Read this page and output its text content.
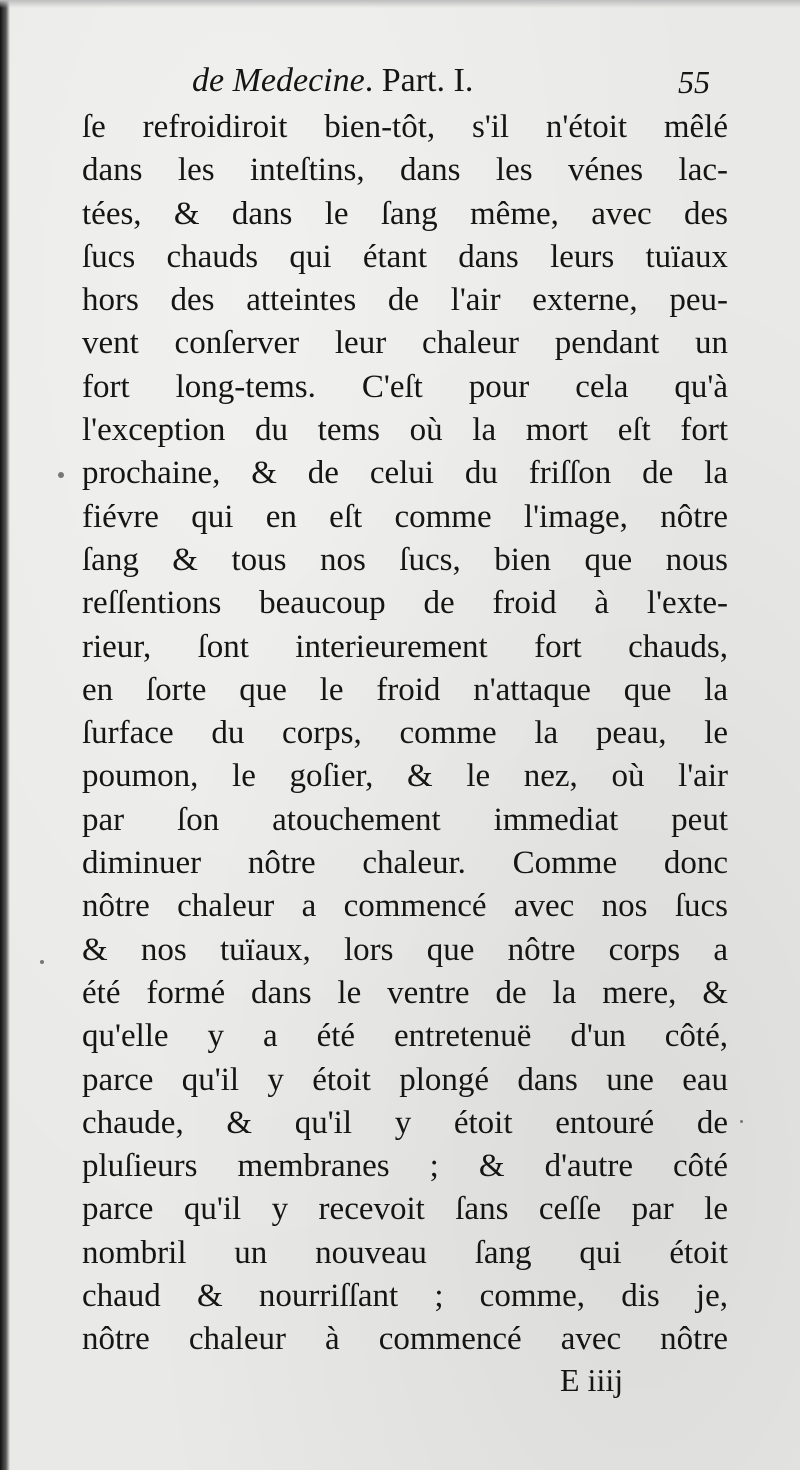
de Medecine. Part. I.	55
ſe refroidiroit bien-tôt, s'il n'étoit mêlé
dans les inteſtins, dans les vénes lac-
tées, & dans le ſang même, avec des
ſucs chauds qui étant dans leurs tuïaux
hors des atteintes de l'air externe, peu-
vent conſerver leur chaleur pendant un
fort long-tems. C'eſt pour cela qu'à
l'exception du tems où la mort eſt fort
prochaine, & de celui du friſſon de la
fiévre qui en eſt comme l'image, nôtre
ſang & tous nos ſucs, bien que nous
reſſentions beaucoup de froid à l'exte-
rieur, ſont interieurement fort chauds,
en ſorte que le froid n'attaque que la
ſurface du corps, comme la peau, le
poumon, le goſier, & le nez, où l'air
par ſon atouchement immediat peut
diminuer nôtre chaleur. Comme donc
nôtre chaleur a commencé avec nos ſucs
& nos tuïaux, lors que nôtre corps a
été formé dans le ventre de la mere, &
qu'elle y a été entretenuë d'un côté,
parce qu'il y étoit plongé dans une eau
chaude, & qu'il y étoit entouré de
pluſieurs membranes ; & d'autre côté
parce qu'il y recevoit ſans ceſſe par le
nombril un nouveau ſang qui étoit
chaud & nourriſſant ; comme, dis je,
nôtre chaleur à commencé avec nôtre
E iiij
